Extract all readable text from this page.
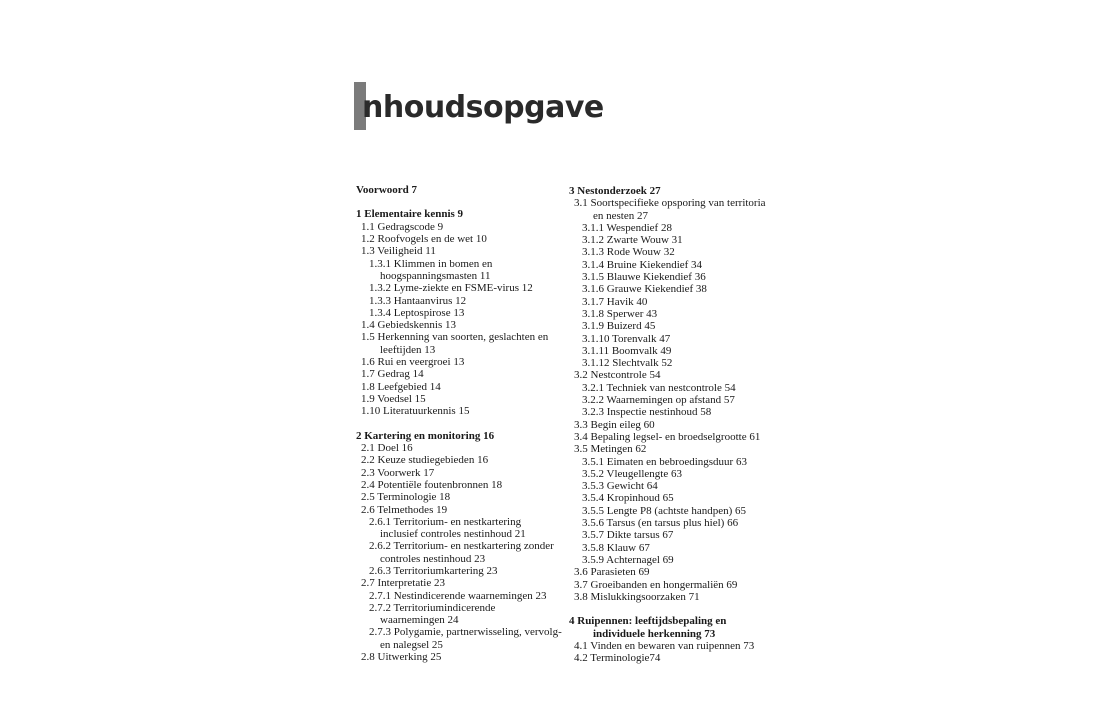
nhoudsopgave
Voorwoord 7
1 Elementaire kennis 9
1.1 Gedragscode 9
1.2 Roofvogels en de wet 10
1.3 Veiligheid 11
1.3.1 Klimmen in bomen en
hoogspanningsmasten 11
1.3.2 Lyme-ziekte en FSME-virus 12
1.3.3 Hantaanvirus 12
1.3.4 Leptospirose 13
1.4 Gebiedskennis 13
1.5 Herkenning van soorten, geslachten en
leeftijden 13
1.6 Rui en veergroei 13
1.7 Gedrag 14
1.8 Leefgebied 14
1.9 Voedsel 15
1.10 Literatuurkennis 15
2 Kartering en monitoring 16
2.1 Doel 16
2.2 Keuze studiegebieden 16
2.3 Voorwerk 17
2.4 Potentiële foutenbronnen 18
2.5 Terminologie 18
2.6 Telmethodes 19
2.6.1 Territorium- en nestkartering
inclusief controles nestinhoud 21
2.6.2 Territorium- en nestkartering zonder
controles nestinhoud 23
2.6.3 Territoriumkartering 23
2.7 Interpretatie 23
2.7.1 Nestindicerende waarnemingen 23
2.7.2 Territoriumindicerende
waarnemingen 24
2.7.3 Polygamie, partnerwisseling, vervolg-
en nalegsel 25
2.8 Uitwerking 25
3 Nestonderzoek 27
3.1 Soortspecifieke opsporing van territoria
en nesten 27
3.1.1 Wespendief 28
3.1.2 Zwarte Wouw 31
3.1.3 Rode Wouw 32
3.1.4 Bruine Kiekendief 34
3.1.5 Blauwe Kiekendief 36
3.1.6 Grauwe Kiekendief 38
3.1.7 Havik 40
3.1.8 Sperwer 43
3.1.9 Buizerd 45
3.1.10 Torenvalk 47
3.1.11 Boomvalk 49
3.1.12 Slechtvalk 52
3.2 Nestcontrole 54
3.2.1 Techniek van nestcontrole 54
3.2.2 Waarnemingen op afstand 57
3.2.3 Inspectie nestinhoud 58
3.3 Begin eileg 60
3.4 Bepaling legsel- en broedselgrootte 61
3.5 Metingen 62
3.5.1 Eimaten en bebroedingsduur 63
3.5.2 Vleugellengte 63
3.5.3 Gewicht 64
3.5.4 Kropinhoud 65
3.5.5 Lengte P8 (achtste handpen) 65
3.5.6 Tarsus (en tarsus plus hiel) 66
3.5.7 Dikte tarsus 67
3.5.8 Klauw 67
3.5.9 Achternagel 69
3.6 Parasieten 69
3.7 Groeibanden en hongermaliën 69
3.8 Mislukkingsoorzaken 71
4 Ruipennen: leeftijdsbepaling en
individuele herkenning 73
4.1 Vinden en bewaren van ruipennen 73
4.2 Terminologie74
